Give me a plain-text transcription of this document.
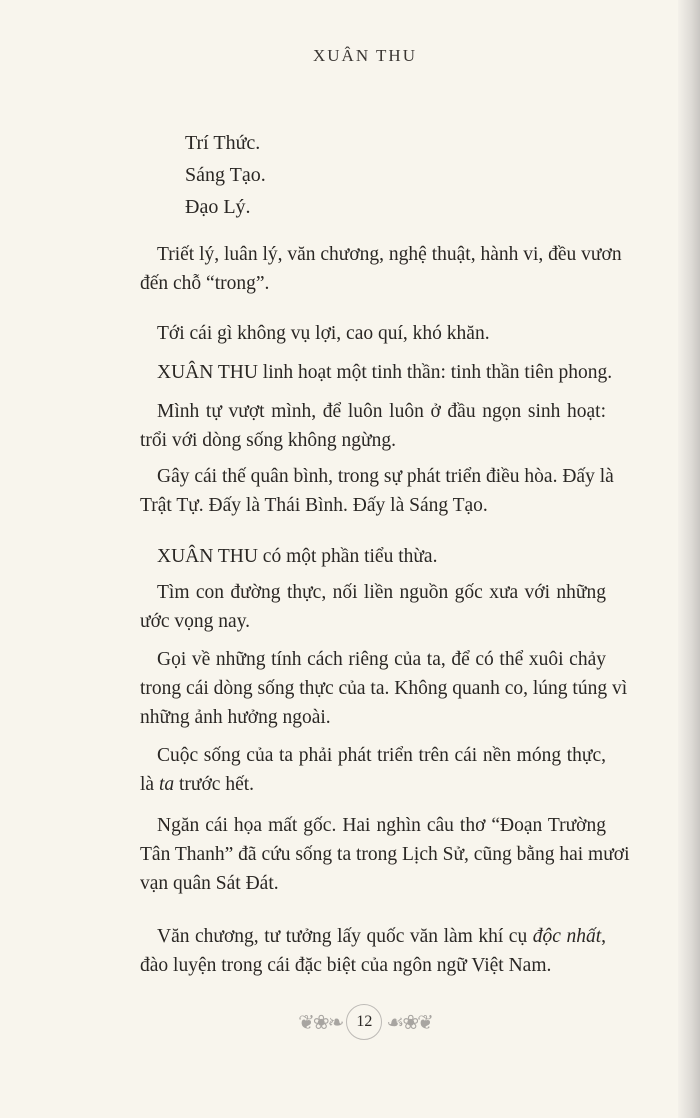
XUÂN THU
Trí Thức.
Sáng Tạo.
Đạo Lý.
Triết lý, luân lý, văn chương, nghệ thuật, hành vi, đều vươn
đến chỗ “trong”.
Tới cái gì không vụ lợi, cao quí, khó khăn.
XUÂN THU linh hoạt một tinh thần: tinh thần tiên phong.
Mình tự vượt mình, để luôn luôn ở đầu ngọn sinh hoạt:
trổi với dòng sống không ngừng.
Gây cái thế quân bình, trong sự phát triển điều hòa. Đấy là
Trật Tự. Đấy là Thái Bình. Đấy là Sáng Tạo.
XUÂN THU có một phần tiểu thừa.
Tìm con đường thực, nối liền nguồn gốc xưa với những
ước vọng nay.
Gọi về những tính cách riêng của ta, để có thể xuôi chảy
trong cái dòng sống thực của ta. Không quanh co, lúng túng vì
những ảnh hưởng ngoài.
Cuộc sống của ta phải phát triển trên cái nền móng thực,
là ta trước hết.
Ngăn cái họa mất gốc. Hai nghìn câu thơ “Đoạn Trường
Tân Thanh” đã cứu sống ta trong Lịch Sử, cũng bằng hai mươi
vạn quân Sát Đát.
Văn chương, tư tưởng lấy quốc văn làm khí cụ độc nhất,
đào luyện trong cái đặc biệt của ngôn ngữ Việt Nam.
❦❀❧ 12 ☙❀❦
